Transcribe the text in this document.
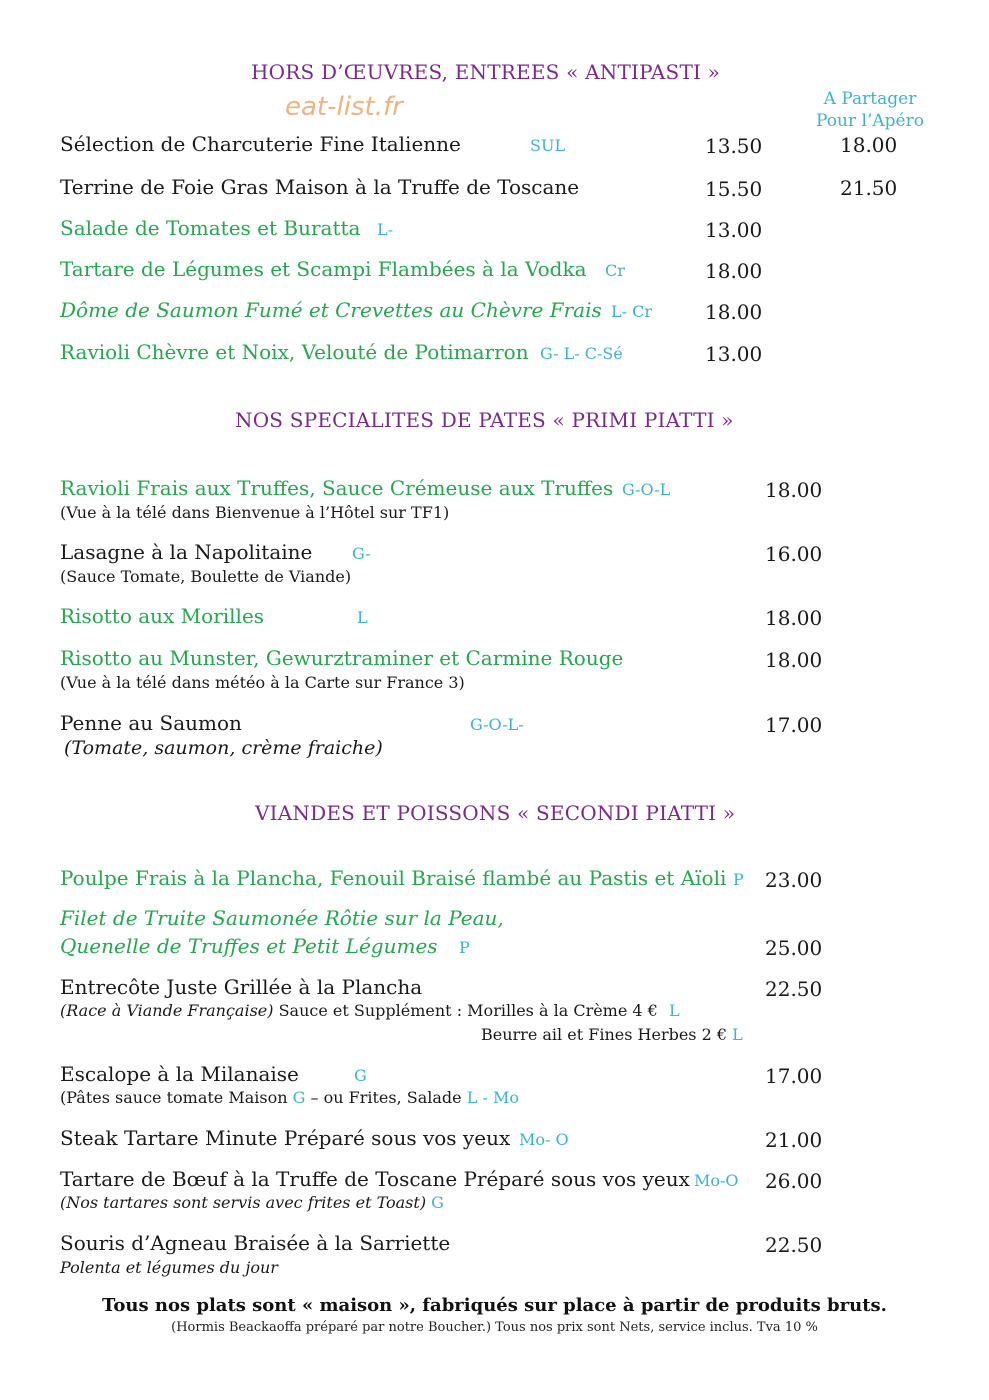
HORS D’ŒUVRES, ENTREES « ANTIPASTI »
eat-list.fr	A Partager
Pour l’Apéro
Sélection de Charcuterie Fine Italienne	SUL	13.50	18.00
Terrine de Foie Gras Maison à la Truffe de Toscane	15.50	21.50
Salade de Tomates et Buratta L-	13.00
Tartare de Légumes et Scampi Flambées à la Vodka Cr	18.00
Dôme de Saumon Fumé et Crevettes au Chèvre Frais L- Cr	18.00
Ravioli Chèvre et Noix, Velouté de Potimarron G- L- C-Sé	13.00
NOS SPECIALITES DE PATES « PRIMI PIATTI »
Ravioli Frais aux Truffes, Sauce Crémeuse aux Truffes G-O-L	18.00
(Vue à la télé dans Bienvenue à l’Hôtel sur TF1)
Lasagne à la Napolitaine G-	16.00
(Sauce Tomate, Boulette de Viande)
Risotto aux Morilles	L	18.00
Risotto au Munster, Gewurztraminer et Carmine Rouge	18.00
(Vue à la télé dans météo à la Carte sur France 3)
Penne au Saumon	G-O-L-	17.00
(Tomate, saumon, crème fraiche)
VIANDES ET POISSONS « SECONDI PIATTI »
Poulpe Frais à la Plancha, Fenouil Braisé flambé au Pastis et Aïoli P 23.00
Filet de Truite Saumonée Rôtie sur la Peau,
Quenelle de Truffes et Petit Légumes P	25.00
Entrecôte Juste Grillée à la Plancha	22.50
(Race à Viande Française) Sauce et Supplément : Morilles à la Crème 4 € L
Beurre ail et Fines Herbes 2 € L
Escalope à la Milanaise	G	17.00
(Pâtes sauce tomate Maison G – ou Frites, Salade L - Mo
Steak Tartare Minute Préparé sous vos yeux Mo- O	21.00
Tartare de Bœuf à la Truffe de Toscane Préparé sous vos yeux Mo-O 26.00
(Nos tartares sont servis avec frites et Toast) G
Souris d’Agneau Braisée à la Sarriette	22.50
Polenta et légumes du jour
Tous nos plats sont « maison », fabriqués sur place à partir de produits bruts.
(Hormis Beackaoffa préparé par notre Boucher.) Tous nos prix sont Nets, service inclus. Tva 10 %
